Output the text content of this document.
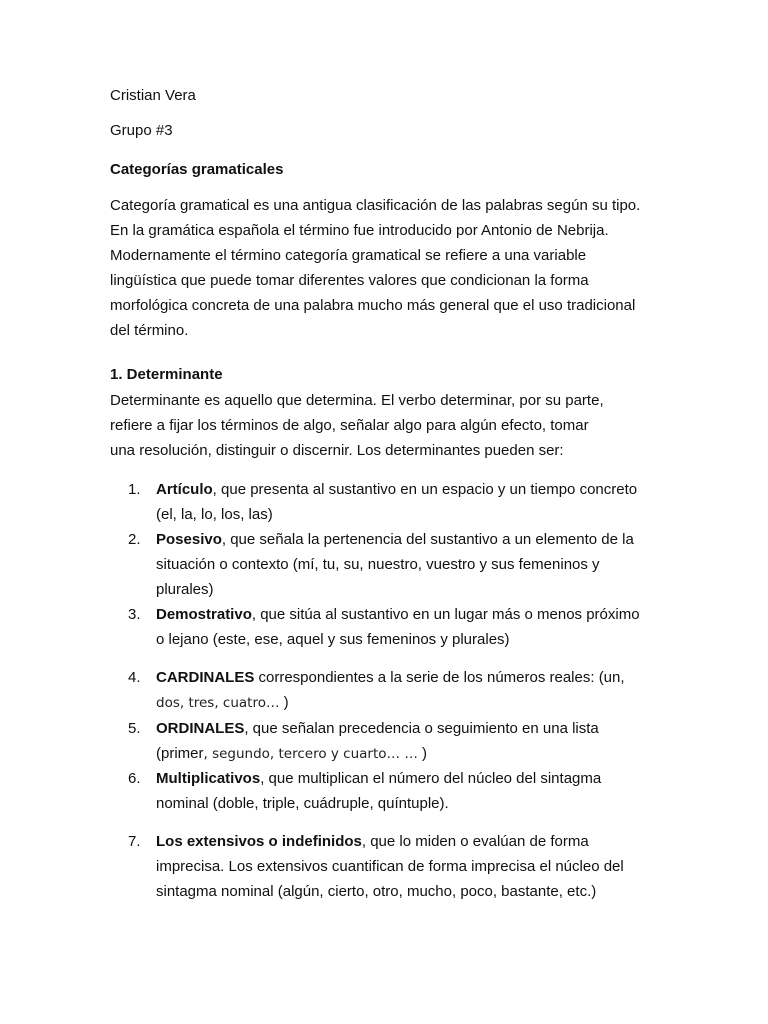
Cristian Vera
Grupo #3
Categorías gramaticales
Categoría gramatical es una antigua clasificación de las palabras según su tipo.
En la gramática española el término fue introducido por Antonio de Nebrija.
Modernamente el término categoría gramatical se refiere a una variable
lingüística que puede tomar diferentes valores que condicionan la forma
morfológica concreta de una palabra mucho más general que el uso tradicional
del término.
1. Determinante
Determinante es aquello que determina. El verbo determinar, por su parte,
refiere a fijar los términos de algo, señalar algo para algún efecto, tomar
una resolución, distinguir o discernir. Los determinantes pueden ser:
1. Artículo, que presenta al sustantivo en un espacio y un tiempo concreto
(el, la, lo, los, las)
2. Posesivo, que señala la pertenencia del sustantivo a un elemento de la
situación o contexto (mí, tu, su, nuestro, vuestro y sus femeninos y
plurales)
3. Demostrativo, que sitúa al sustantivo en un lugar más o menos próximo
o lejano (este, ese, aquel y sus femeninos y plurales)
4. CARDINALES correspondientes a la serie de los números reales: (un,
dos, tres, cuatro… )
5. ORDINALES, que señalan precedencia o seguimiento en una lista
(primer, segundo, tercero y cuarto… … )
6. Multiplicativos, que multiplican el número del núcleo del sintagma
nominal (doble, triple, cuádruple, quíntuple).
7. Los extensivos o indefinidos, que lo miden o evalúan de forma
imprecisa. Los extensivos cuantifican de forma imprecisa el núcleo del
sintagma nominal (algún, cierto, otro, mucho, poco, bastante, etc.)
